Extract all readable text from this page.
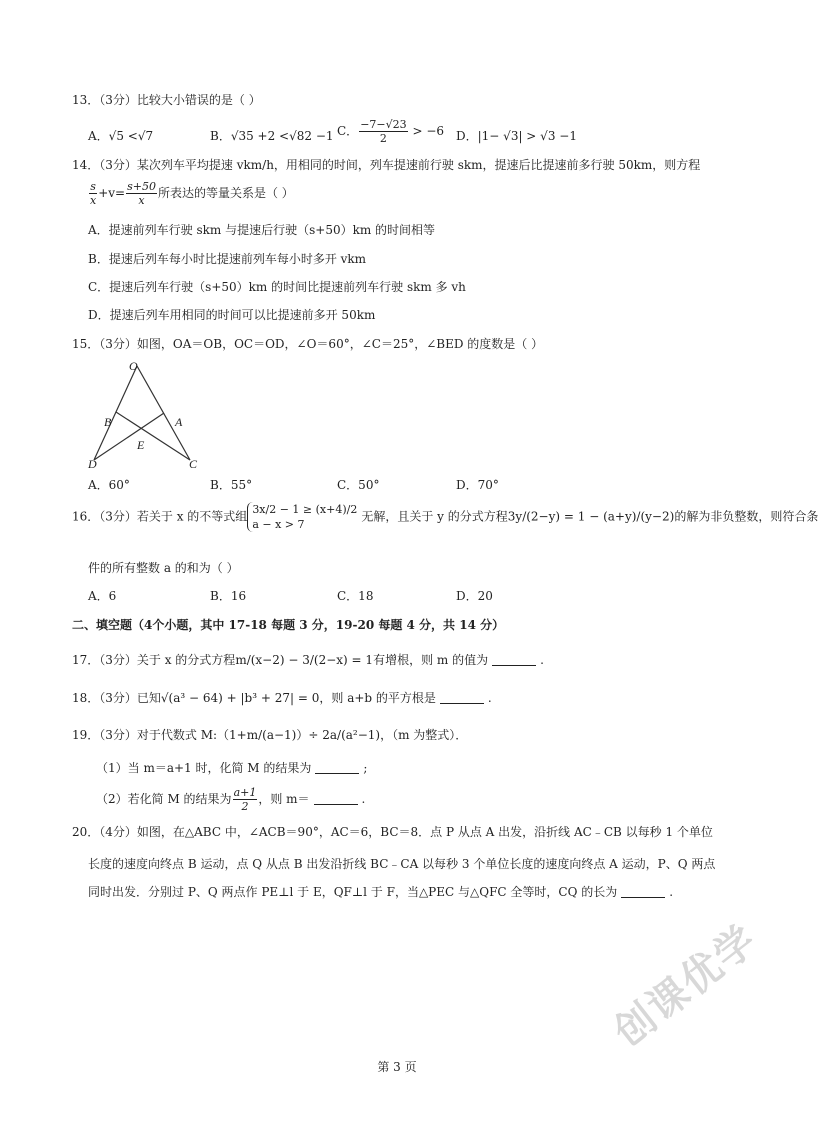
13．（3分）比较大小错误的是（ ）
A．√5 <√7	B．√35 +2 <√82 −1 C． $\frac{-7-√23}{2} > -6$ D．|1− √3| > √3 −1
14．（3分）某次列车平均提速 vkm/h，用相同的时间，列车提速前行驶 skm，提速后比提速前多行驶 50km，则方程
$\frac{s}{x} +v= \frac{s+50}{x}$ 所表达的等量关系是（ ）
A．提速前列车行驶 skm 与提速后行驶（s+50）km 的时间相等
B．提速后列车每小时比提速前列车每小时多开 vkm
C．提速后列车行驶（s+50）km 的时间比提速前列车行驶 skm 多 vh
D．提速后列车用相同的时间可以比提速前多开 50km
15．（3分）如图，OA＝OB，OC＝OD，∠O＝60°，∠C＝25°，∠BED 的度数是（ ）
O
B	A
E
D	C
A．60°	B．55°	C．50°	D．70°
16．（3分）若关于 x 的不等式组 3x/2 − 1 ≥ (x+4)/2
a − x > 7
无解，且关于 y 的分式方程3y/(2−y) = 1 − (a+y)/(y−2)的解为非负整数，则符合条
件的所有整数 a 的和为（ ）
A．6	B．16	C．18	D．20
二、填空题（4个小题，其中 17-18 每题 3 分，19-20 每题 4 分，共 14 分）
17．（3分）关于 x 的分式方程m/(x−2) − 3/(2−x) = 1有增根，则 m 的值为	.
18．（3分）已知√(a³ − 64) + |b³ + 27| = 0，则 a+b 的平方根是	.
19．（3分）对于代数式 M:（1+m/(a−1)）÷ 2a/(a²−1)，（m 为整式）．
（1）当 m＝a+1 时，化简 M 的结果为	;
（2）若化简 M 的结果为 $\frac{a+1}{2}$ ，则 m＝	.
20．（4分）如图，在△ABC 中，∠ACB＝90°，AC＝6，BC＝8．点 P 从点 A 出发，沿折线 AC﹣CB 以每秒 1 个单位
长度的速度向终点 B 运动，点 Q 从点 B 出发沿折线 BC﹣CA 以每秒 3 个单位长度的速度向终点 A 运动，P、Q 两点
同时出发．分别过 P、Q 两点作 PE⊥l 于 E，QF⊥l 于 F，当△PEC 与△QFC 全等时，CQ 的长为	.
创课优学
第 3 页
